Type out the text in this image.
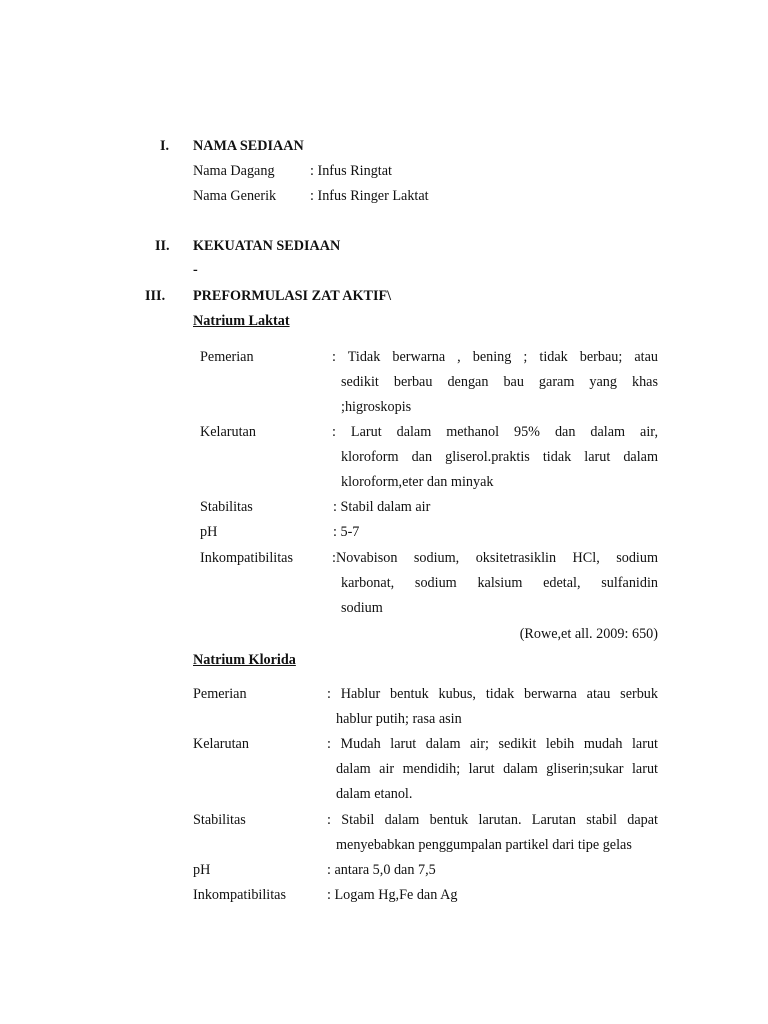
I. NAMA SEDIAAN
Nama Dagang : Infus Ringtat
Nama Generik : Infus Ringer Laktat
II. KEKUATAN SEDIAAN
-
III. PREFORMULASI ZAT AKTIF\
Natrium Laktat
Pemerian	: Tidak berwarna , bening ; tidak berbau; atau
sedikit berbau dengan bau garam yang khas
;higroskopis
Kelarutan	: Larut dalam methanol 95% dan dalam air,
kloroform dan gliserol.praktis tidak larut dalam
kloroform,eter dan minyak
Stabilitas	: Stabil dalam air
pH	: 5-7
Inkompatibilitas	:Novabison sodium, oksitetrasiklin HCl, sodium
karbonat, sodium kalsium edetal, sulfanidin
sodium
(Rowe,et all. 2009: 650)
Natrium Klorida
Pemerian	: Hablur bentuk kubus, tidak berwarna atau serbuk
hablur putih; rasa asin
Kelarutan	: Mudah larut dalam air; sedikit lebih mudah larut
dalam air mendidih; larut dalam gliserin;sukar larut
dalam etanol.
Stabilitas	: Stabil dalam bentuk larutan. Larutan stabil dapat
menyebabkan penggumpalan partikel dari tipe gelas
pH	: antara 5,0 dan 7,5
Inkompatibilitas	: Logam Hg,Fe dan Ag
